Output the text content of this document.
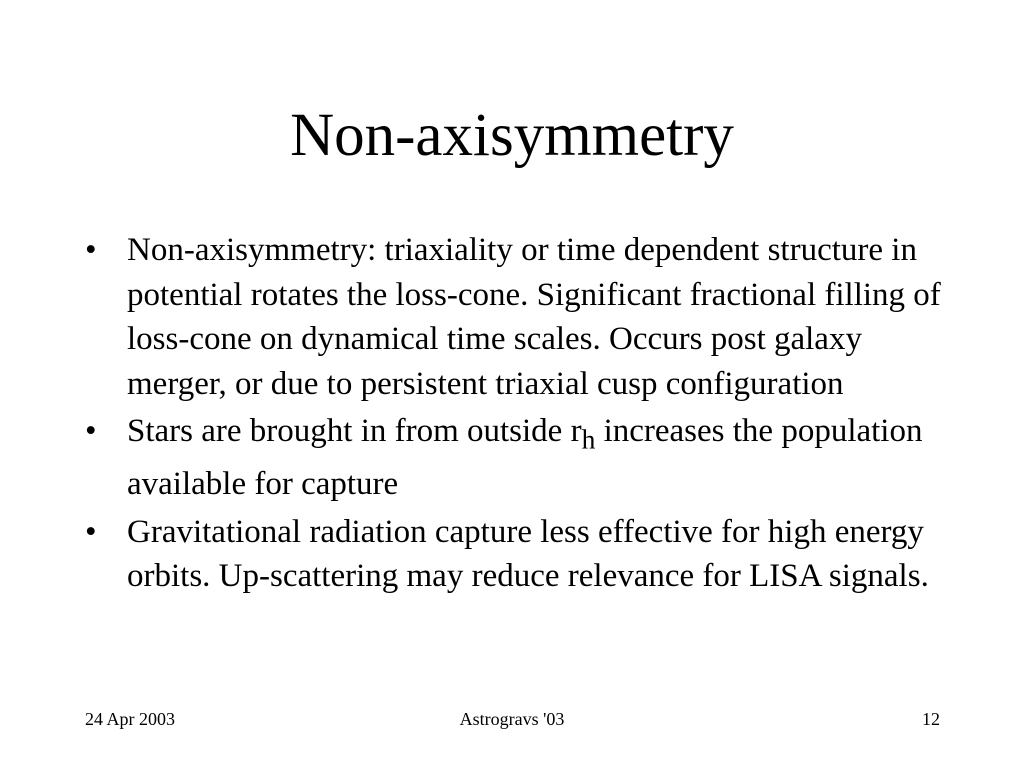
Non-axisymmetry
• Non-axisymmetry: triaxiality or time dependent structure in potential rotates the loss-cone. Significant fractional filling of loss-cone on dynamical time scales. Occurs post galaxy merger, or due to persistent triaxial cusp configuration
• Stars are brought in from outside $r_h$ increases the population available for capture
• Gravitational radiation capture less effective for high energy orbits. Up-scattering may reduce relevance for LISA signals.
24 Apr 2003	Astrogravs '03	12
